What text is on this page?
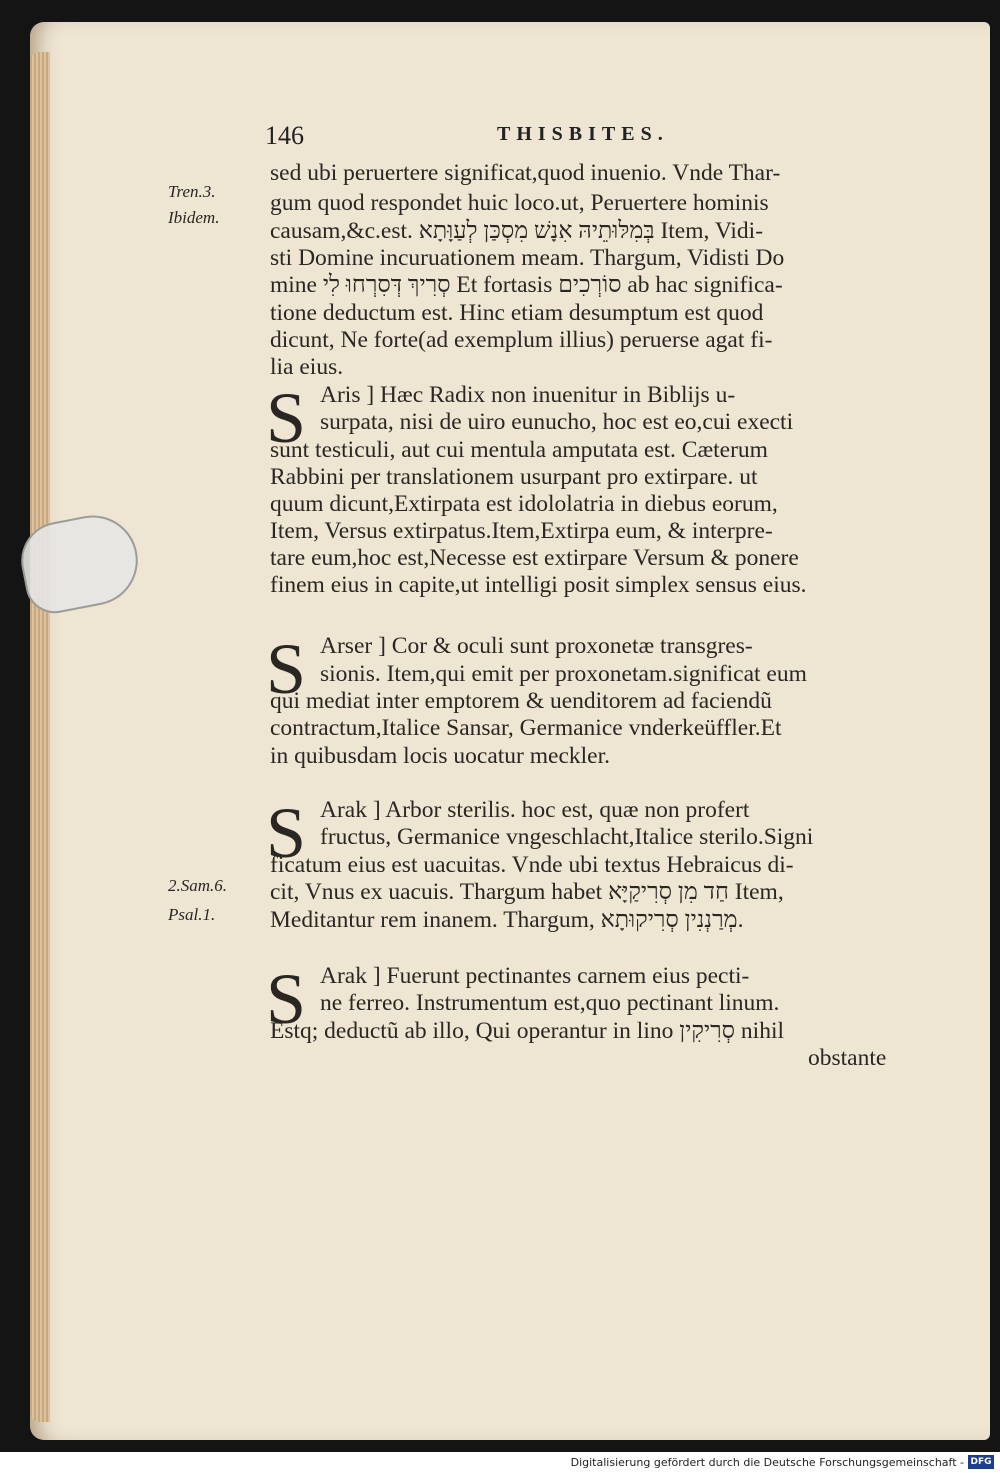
146	THISBITES.
Tren.3.
Ibidem.
2.Sam.6.
Psal.1.
sed ubi peruertere significat,quod inuenio. Vnde Thar-
gum quod respondet huic loco.ut, Peruertere hominis
causam,&c.est. בְּמִלּוּתֵיהּ אִנָשׁ מִסְכַּן לְעַוָּתָא Item, Vidi-
sti Domine incuruationem meam. Thargum, Vidisti Do
mine סְרִיךְ דְּסִרְחוּ לִי Et fortasis סוֹרְכִים ab hac significa-
tione deductum est. Hinc etiam desumptum est quod
dicunt, Ne forte(ad exemplum illius) peruerse agat fi-
lia eius.
S Aris ] Hæc Radix non inuenitur in Biblijs u-
surpata, nisi de uiro eunucho, hoc est eo,cui execti
sunt testiculi, aut cui mentula amputata est. Cæterum
Rabbini per translationem usurpant pro extirpare. ut
quum dicunt,Extirpata est idololatria in diebus eorum,
Item, Versus extirpatus.Item,Extirpa eum, & interpre-
tare eum,hoc est,Necesse est extirpare Versum & ponere
finem eius in capite,ut intelligi posit simplex sensus eius.
S Arser ] Cor & oculi sunt proxonetæ transgres-
sionis. Item,qui emit per proxonetam.significat eum
qui mediat inter emptorem & uenditorem ad faciendũ
contractum,Italice Sansar, Germanice vnderkeüffler.Et
in quibusdam locis uocatur meckler.
S Arak ] Arbor sterilis. hoc est, quæ non profert
fructus, Germanice vngeschlacht,Italice sterilo.Signi
ficatum eius est uacuitas. Vnde ubi textus Hebraicus di-
cit, Vnus ex uacuis. Thargum habet חַד מִן סְרִיקַיָּא Item,
Meditantur rem inanem. Thargum, מְרַנְנִין סְרִיקוּתָא.
S Arak ] Fuerunt pectinantes carnem eius pecti-
ne ferreo. Instrumentum est,quo pectinant linum.
Estq; deductũ ab illo, Qui operantur in lino סְרִיקִין nihil
obstante
Digitalisierung gefördert durch die Deutsche Forschungsgemeinschaft - DFG
